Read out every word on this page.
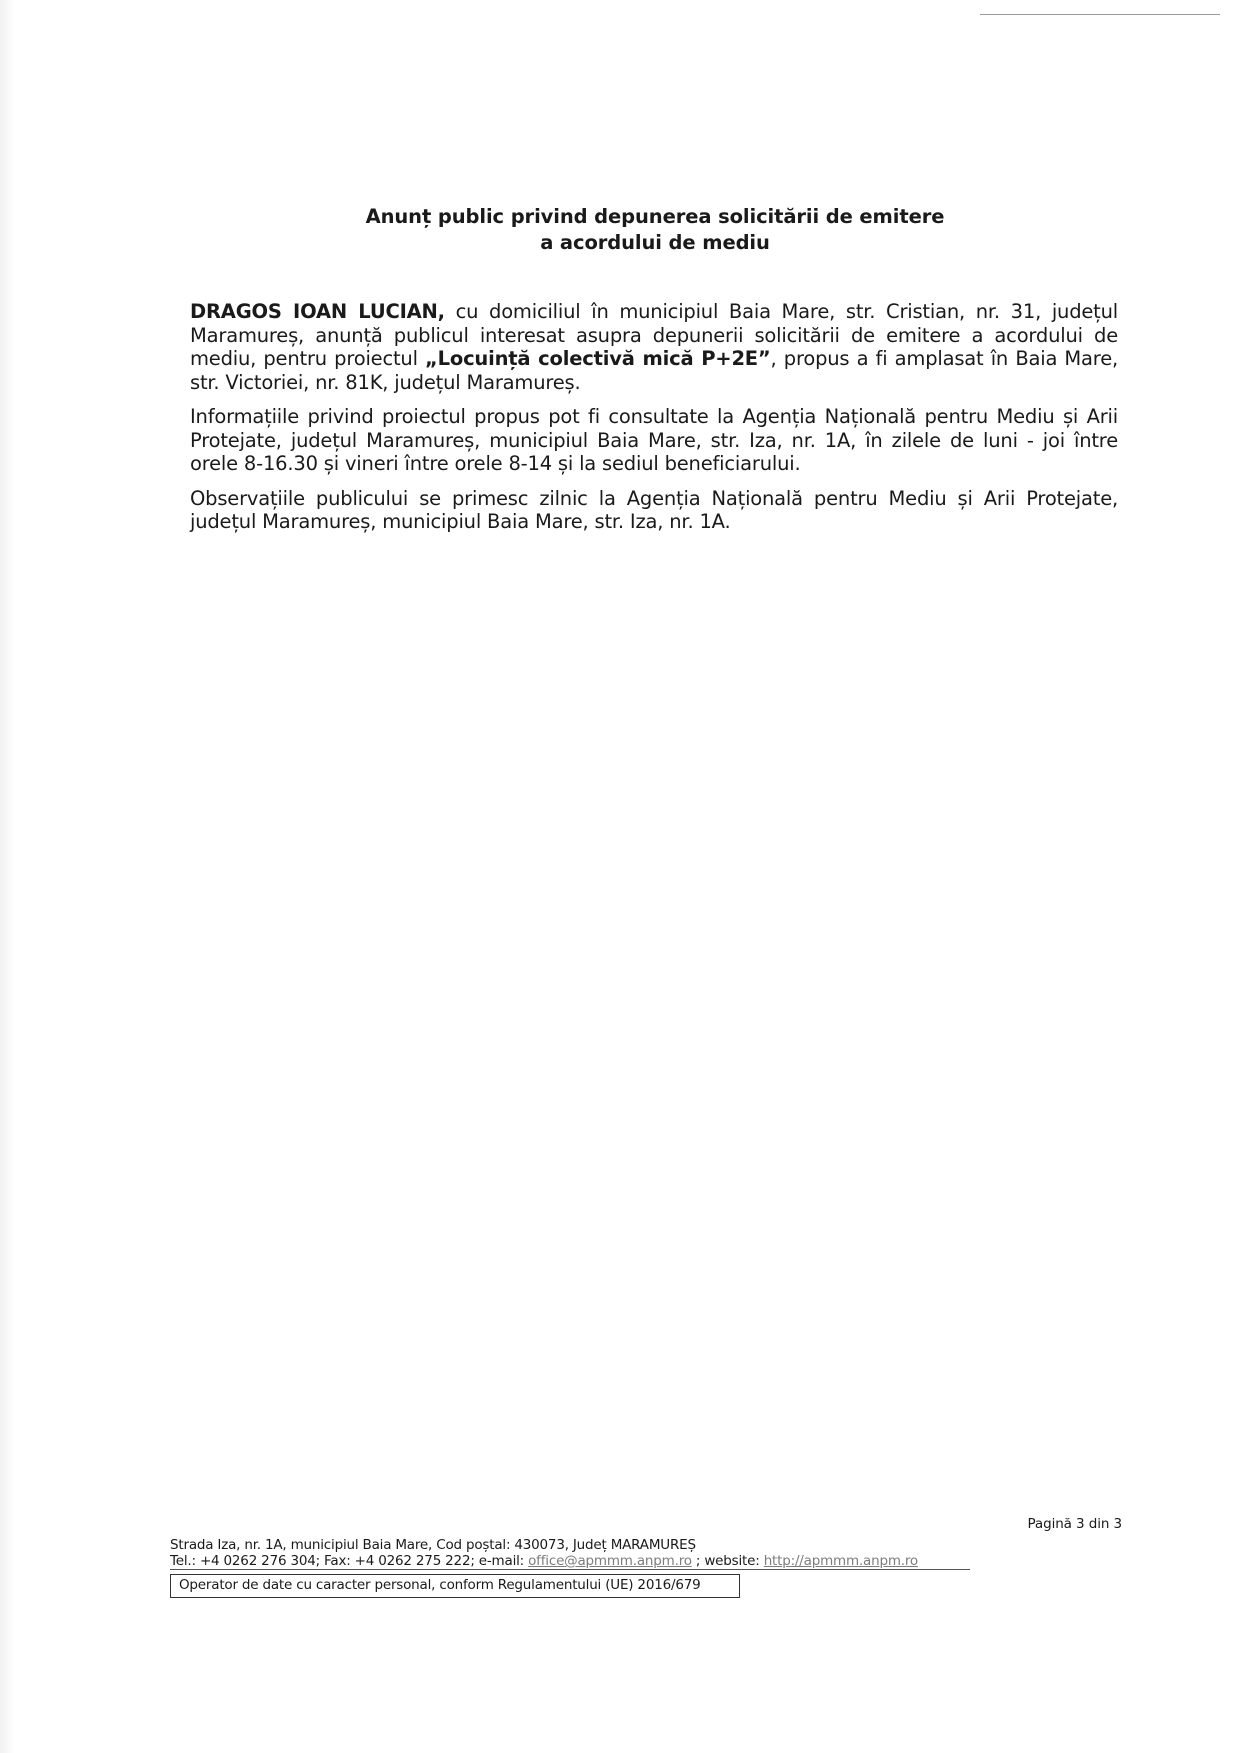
Anunț public privind depunerea solicitării de emitere
a acordului de mediu

DRAGOS IOAN LUCIAN, cu domiciliul în municipiul Baia Mare, str. Cristian, nr. 31, județul Maramureș, anunță publicul interesat asupra depunerii solicitării de emitere a acordului de mediu, pentru proiectul „Locuință colectivă mică P+2E”, propus a fi amplasat în Baia Mare, str. Victoriei, nr. 81K, județul Maramureș.

Informațiile privind proiectul propus pot fi consultate la Agenția Națională pentru Mediu și Arii Protejate, județul Maramureș, municipiul Baia Mare, str. Iza, nr. 1A, în zilele de luni - joi între orele 8-16.30 și vineri între orele 8-14 și la sediul beneficiarului.

Observațiile publicului se primesc zilnic la Agenția Națională pentru Mediu și Arii Protejate, județul Maramureș, municipiul Baia Mare, str. Iza, nr. 1A.

Pagină 3 din 3
Strada Iza, nr. 1A, municipiul Baia Mare, Cod poștal: 430073, Județ MARAMUREȘ
Tel.: +4 0262 276 304; Fax: +4 0262 275 222; e-mail: office@apmmm.anpm.ro ; website: http://apmmm.anpm.ro
Operator de date cu caracter personal, conform Regulamentului (UE) 2016/679
